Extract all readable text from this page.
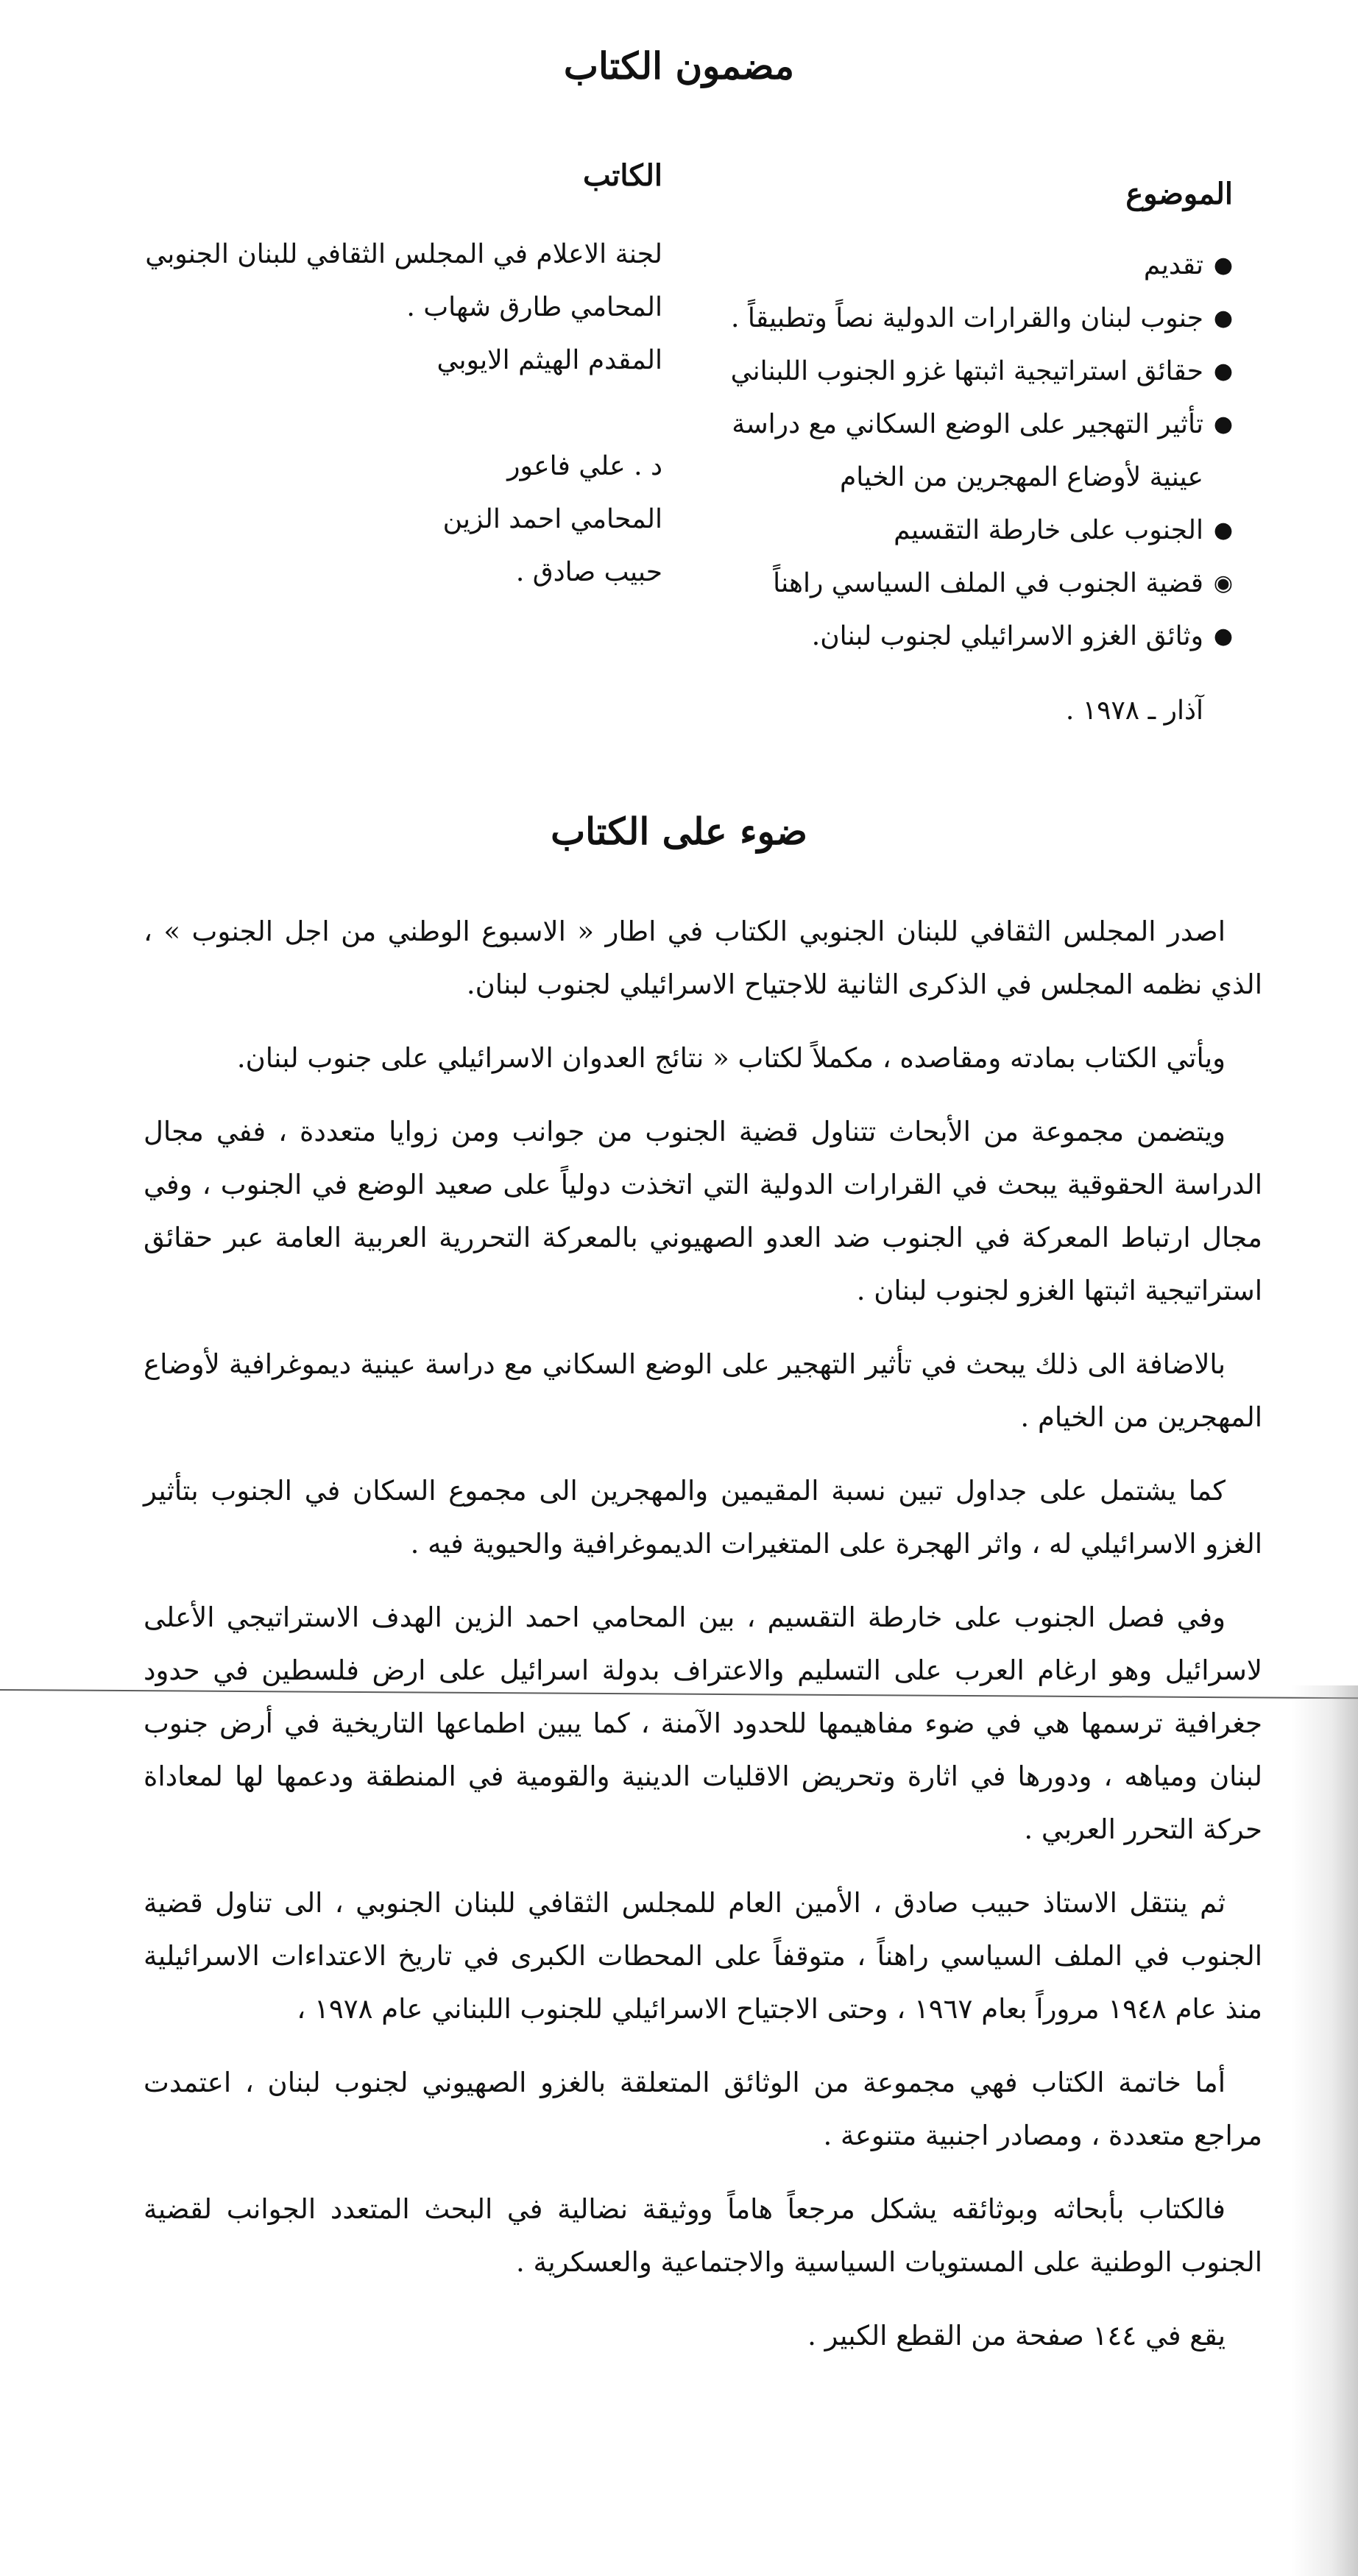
مضمون الكتاب
الموضوع
الكاتب
●
تقديم
●
جنوب لبنان والقرارات الدولية نصاً وتطبيقاً .
●
حقائق استراتيجية اثبتها غزو الجنوب اللبناني
●
تأثير التهجير على الوضع السكاني مع دراسة
عينية لأوضاع المهجرين من الخيام
●
الجنوب على خارطة التقسيم
◉
قضية الجنوب في الملف السياسي راهناً
●
وثائق الغزو الاسرائيلي لجنوب لبنان.
آذار ـ ١٩٧٨ .
لجنة الاعلام في المجلس الثقافي للبنان الجنوبي
المحامي طارق شهاب .
المقدم الهيثم الايوبي
د . علي فاعور
المحامي احمد الزين
حبيب صادق .
ضوء على الكتاب

اصدر المجلس الثقافي للبنان الجنوبي الكتاب في اطار « الاسبوع الوطني من اجل الجنوب » ، الذي نظمه المجلس في الذكرى الثانية للاجتياح الاسرائيلي لجنوب لبنان.

ويأتي الكتاب بمادته ومقاصده ، مكملاً لكتاب « نتائج العدوان الاسرائيلي على جنوب لبنان.

ويتضمن مجموعة من الأبحاث تتناول قضية الجنوب من جوانب ومن زوايا متعددة ، ففي مجال الدراسة الحقوقية يبحث في القرارات الدولية التي اتخذت دولياً على صعيد الوضع في الجنوب ، وفي مجال ارتباط المعركة في الجنوب ضد العدو الصهيوني بالمعركة التحررية العربية العامة عبر حقائق استراتيجية اثبتها الغزو لجنوب لبنان .

بالاضافة الى ذلك يبحث في تأثير التهجير على الوضع السكاني مع دراسة عينية ديموغرافية لأوضاع المهجرين من الخيام .

كما يشتمل على جداول تبين نسبة المقيمين والمهجرين الى مجموع السكان في الجنوب بتأثير الغزو الاسرائيلي له ، واثر الهجرة على المتغيرات الديموغرافية والحيوية فيه .

وفي فصل الجنوب على خارطة التقسيم ، بين المحامي احمد الزين الهدف الاستراتيجي الأعلى لاسرائيل وهو ارغام العرب على التسليم والاعتراف بدولة اسرائيل على ارض فلسطين في حدود جغرافية ترسمها هي في ضوء مفاهيمها للحدود الآمنة ، كما يبين اطماعها التاريخية في أرض جنوب لبنان ومياهه ، ودورها في اثارة وتحريض الاقليات الدينية والقومية في المنطقة ودعمها لها لمعاداة حركة التحرر العربي .

ثم ينتقل الاستاذ حبيب صادق ، الأمين العام للمجلس الثقافي للبنان الجنوبي ، الى تناول قضية الجنوب في الملف السياسي راهناً ، متوقفاً على المحطات الكبرى في تاريخ الاعتداءات الاسرائيلية منذ عام ١٩٤٨ مروراً بعام ١٩٦٧ ، وحتى الاجتياح الاسرائيلي للجنوب اللبناني عام ١٩٧٨ ،

أما خاتمة الكتاب فهي مجموعة من الوثائق المتعلقة بالغزو الصهيوني لجنوب لبنان ، اعتمدت مراجع متعددة ، ومصادر اجنبية متنوعة .

فالكتاب بأبحاثه وبوثائقه يشكل مرجعاً هاماً ووثيقة نضالية في البحث المتعدد الجوانب لقضية الجنوب الوطنية على المستويات السياسية والاجتماعية والعسكرية .

يقع في ١٤٤ صفحة من القطع الكبير .
